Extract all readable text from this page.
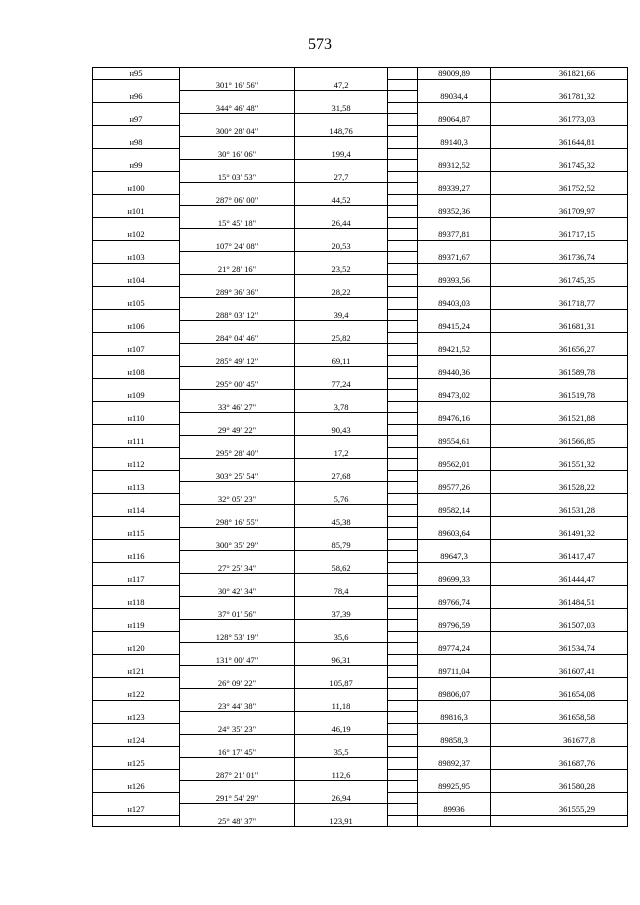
573
н95	89009,89	361821,66
301° 16' 56"	47,2
н96	89034,4	361781,32
344° 46' 48"	31,58
н97	89064,87	361773,03
300° 28' 04"	148,76
н98	89140,3	361644,81
30° 16' 06"	199,4
н99	89312,52	361745,32
15° 03' 53"	27,7
н100	89339,27	361752,52
287° 06' 00"	44,52
н101	89352,36	361709,97
15° 45' 18"	26,44
н102	89377,81	361717,15
107° 24' 08"	20,53
н103	89371,67	361736,74
21° 28' 16"	23,52
н104	89393,56	361745,35
289° 36' 36"	28,22
н105	89403,03	361718,77
288° 03' 12"	39,4
н106	89415,24	361681,31
284° 04' 46"	25,82
н107	89421,52	361656,27
285° 49' 12"	69,11
н108	89440,36	361589,78
295° 00' 45"	77,24
н109	89473,02	361519,78
33° 46' 27"	3,78
н110	89476,16	361521,88
29° 49' 22"	90,43
н111	89554,61	361566,85
295° 28' 40"	17,2
н112	89562,01	361551,32
303° 25' 54"	27,68
н113	89577,26	361528,22
32° 05' 23"	5,76
н114	89582,14	361531,28
298° 16' 55"	45,38
н115	89603,64	361491,32
300° 35' 29"	85,79
н116	89647,3	361417,47
27° 25' 34"	58,62
н117	89699,33	361444,47
30° 42' 34"	78,4
н118	89766,74	361484,51
37° 01' 56"	37,39
н119	89796,59	361507,03
128° 53' 19"	35,6
н120	89774,24	361534,74
131° 00' 47"	96,31
н121	89711,04	361607,41
26° 09' 22"	105,87
н122	89806,07	361654,08
23° 44' 38"	11,18
н123	89816,3	361658,58
24° 35' 23"	46,19
н124	89858,3	361677,8
16° 17' 45"	35,5
н125	89892,37	361687,76
287° 21' 01"	112,6
н126	89925,95	361580,28
291° 54' 29"	26,94
н127	89936	361555,29
25° 48' 37"	123,91
